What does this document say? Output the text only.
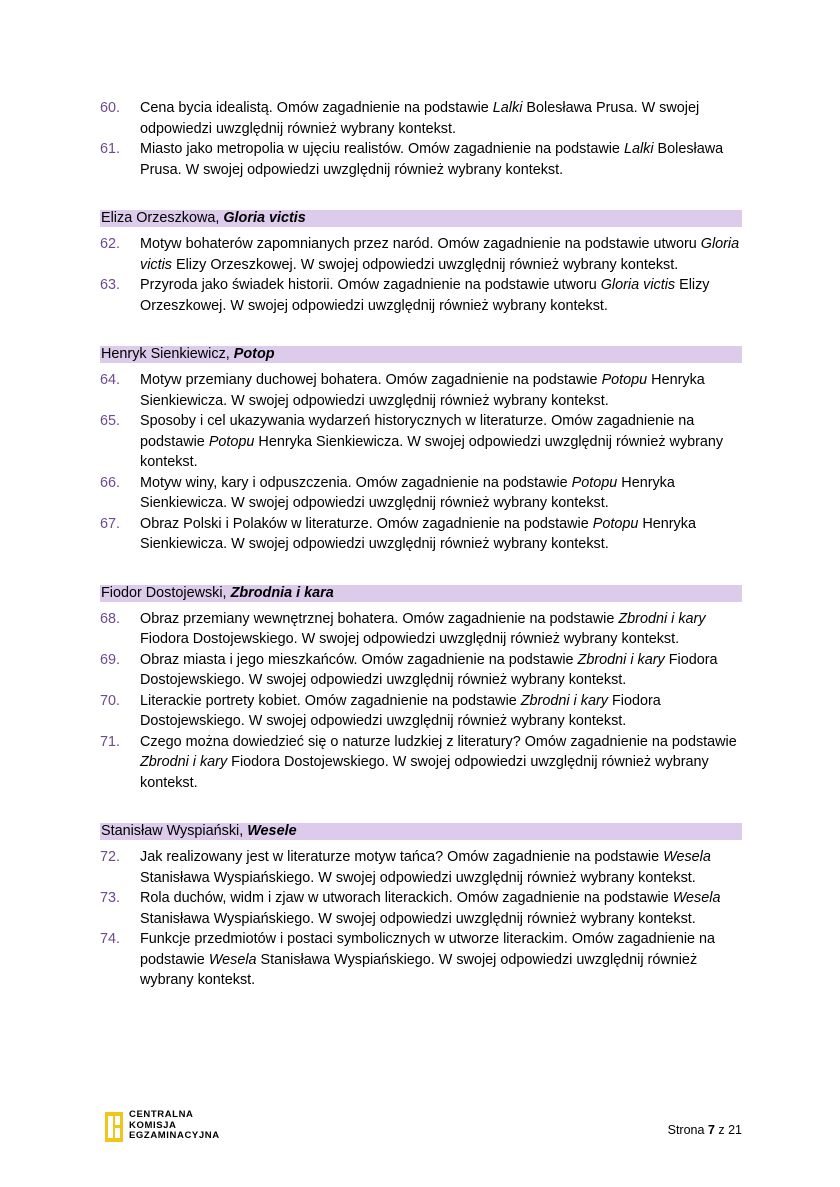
60.	Cena bycia idealistą. Omów zagadnienie na podstawie Lalki Bolesława Prusa. W swojej odpowiedzi uwzględnij również wybrany kontekst.
61.	Miasto jako metropolia w ujęciu realistów. Omów zagadnienie na podstawie Lalki Bolesława Prusa. W swojej odpowiedzi uwzględnij również wybrany kontekst.
Eliza Orzeszkowa, Gloria victis
62.	Motyw bohaterów zapomnianych przez naród. Omów zagadnienie na podstawie utworu Gloria victis Elizy Orzeszkowej. W swojej odpowiedzi uwzględnij również wybrany kontekst.
63.	Przyroda jako świadek historii. Omów zagadnienie na podstawie utworu Gloria victis Elizy Orzeszkowej. W swojej odpowiedzi uwzględnij również wybrany kontekst.
Henryk Sienkiewicz, Potop
64.	Motyw przemiany duchowej bohatera. Omów zagadnienie na podstawie Potopu Henryka Sienkiewicza. W swojej odpowiedzi uwzględnij również wybrany kontekst.
65.	Sposoby i cel ukazywania wydarzeń historycznych w literaturze. Omów zagadnienie na podstawie Potopu Henryka Sienkiewicza. W swojej odpowiedzi uwzględnij również wybrany kontekst.
66.	Motyw winy, kary i odpuszczenia. Omów zagadnienie na podstawie Potopu Henryka Sienkiewicza. W swojej odpowiedzi uwzględnij również wybrany kontekst.
67.	Obraz Polski i Polaków w literaturze. Omów zagadnienie na podstawie Potopu Henryka Sienkiewicza. W swojej odpowiedzi uwzględnij również wybrany kontekst.
Fiodor Dostojewski, Zbrodnia i kara
68.	Obraz przemiany wewnętrznej bohatera. Omów zagadnienie na podstawie Zbrodni i kary Fiodora Dostojewskiego. W swojej odpowiedzi uwzględnij również wybrany kontekst.
69.	Obraz miasta i jego mieszkańców. Omów zagadnienie na podstawie Zbrodni i kary Fiodora Dostojewskiego. W swojej odpowiedzi uwzględnij również wybrany kontekst.
70.	Literackie portrety kobiet. Omów zagadnienie na podstawie Zbrodni i kary Fiodora Dostojewskiego. W swojej odpowiedzi uwzględnij również wybrany kontekst.
71.	Czego można dowiedzieć się o naturze ludzkiej z literatury? Omów zagadnienie na podstawie Zbrodni i kary Fiodora Dostojewskiego. W swojej odpowiedzi uwzględnij również wybrany kontekst.
Stanisław Wyspiański, Wesele
72.	Jak realizowany jest w literaturze motyw tańca? Omów zagadnienie na podstawie Wesela Stanisława Wyspiańskiego. W swojej odpowiedzi uwzględnij również wybrany kontekst.
73.	Rola duchów, widm i zjaw w utworach literackich. Omów zagadnienie na podstawie Wesela Stanisława Wyspiańskiego. W swojej odpowiedzi uwzględnij również wybrany kontekst.
74.	Funkcje przedmiotów i postaci symbolicznych w utworze literackim. Omów zagadnienie na podstawie Wesela Stanisława Wyspiańskiego. W swojej odpowiedzi uwzględnij również wybrany kontekst.
CENTRALNA
KOMISJA
EGZAMINACYJNA	Strona 7 z 21
